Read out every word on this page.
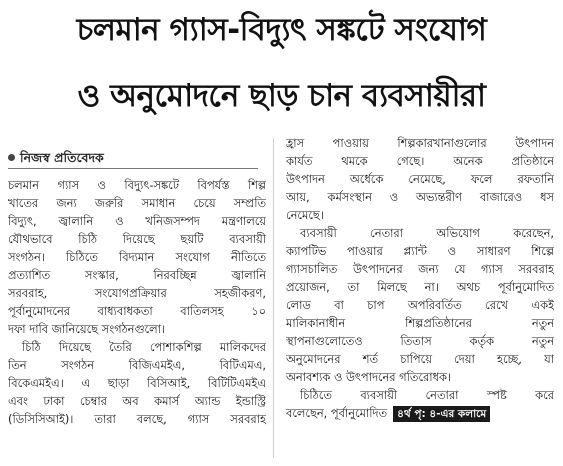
চলমান গ্যাস-বিদ্যুৎ সঙ্কটে সংযোগ
ও অনুমোদনে ছাড় চান ব্যবসায়ীরা
নিজস্ব প্রতিবেদক
চলমান গ্যাস ও বিদ্যুৎ-সঙ্কটে বিপর্যস্ত শিল্প
খাতের জন্য জরুরি সমাধান চেয়ে সম্প্রতি
বিদ্যুৎ, জ্বালানি ও খনিজসম্পদ মন্ত্রণালয়ে
যৌথভাবে চিঠি দিয়েছে ছয়টি ব্যবসায়ী
সংগঠন। চিঠিতে বিদ্যমান সংযোগ নীতিতে
প্রত্যাশিত সংস্কার, নিরবচ্ছিন্ন জ্বালানি
সরবরাহ, সংযোগপ্রক্রিয়ার সহজীকরণ,
পূর্বানুমোদনের বাধ্যবাধকতা বাতিলসহ ১০
দফা দাবি জানিয়েছে সংগঠনগুলো।
চিঠি দিয়েছে তৈরি পোশাকশিল্প মালিকদের
তিন সংগঠন বিজিএমইএ, বিটিএমএ,
বিকেএমইএ। এ ছাড়া বিসিআই, বিটিটিএমইএ
এবং ঢাকা চেম্বার অব কমার্স অ্যান্ড ইন্ডাস্ট্রি
(ডিসিসিআই)। তারা বলছে, গ্যাস সরবরাহ
হ্রাস পাওয়ায় শিল্পকারখানাগুলোর উৎপাদন
কার্যত থমকে গেছে। অনেক প্রতিষ্ঠানে
উৎপাদন অর্ধেকে নেমেছে, ফলে রফতানি
আয়, কর্মসংস্থান ও অভ্যন্তরীণ বাজারেও ধস
নেমেছে।
ব্যবসায়ী নেতারা অভিযোগ করেছেন,
ক্যাপটিভ পাওয়ার প্ল্যান্ট ও সাধারণ শিল্পে
গ্যাসচালিত উৎপাদনের জন্য যে গ্যাস সরবরাহ
প্রয়োজন, তা মিলছে না। অথচ পূর্বানুমোদিত
লোড বা চাপ অপরিবর্তিত রেখে একই
মালিকানাধীন শিল্পপ্রতিষ্ঠানের নতুন
স্থাপনাগুলোতেও তিতাস কর্তৃক নতুন
অনুমোদনের শর্ত চাপিয়ে দেয়া হচ্ছে, যা
অনাবশ্যক ও উৎপাদনের গতিরোধক।
চিঠিতে ব্যবসায়ী নেতারা স্পষ্ট করে
বলেছেন, পূর্বানুমোদিত ৪র্থ পৃ: ৪-এর কলামে
